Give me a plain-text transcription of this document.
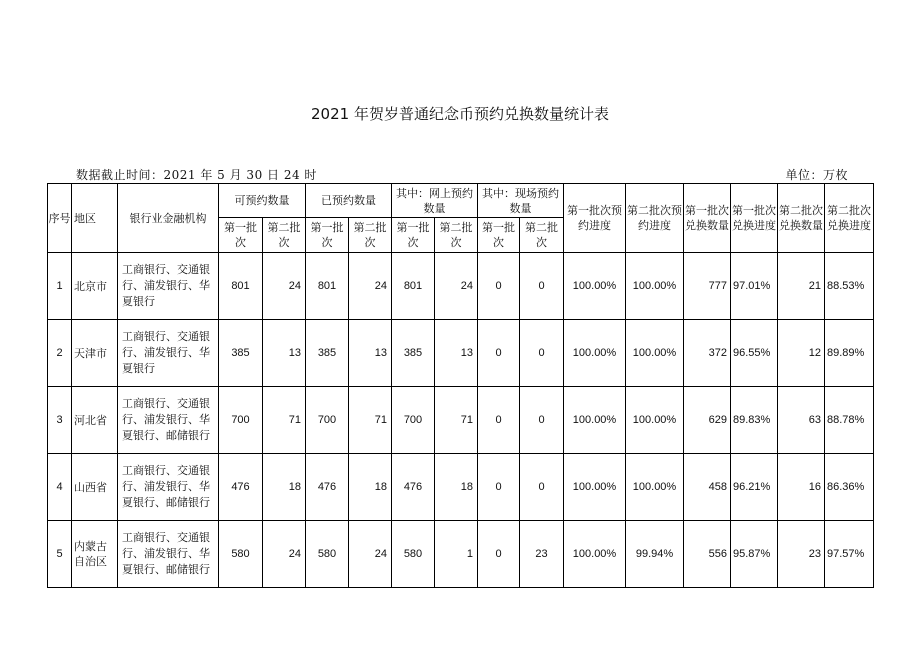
2021 年贺岁普通纪念币预约兑换数量统计表
数据截止时间：2021 年 5 月 30 日 24 时	单位：万枚
序号	地区	银行业金融机构	可预约数量		已预约数量		其中：网上预约数量		其中：现场预约数量		第一批次预约进度	第二批次预约进度	第一批次兑换数量	第一批次兑换进度	第二批次兑换数量	第二批次兑换进度
			第一批次	第二批次	第一批次	第二批次	第一批次	第二批次	第一批次	第二批次						
1	北京市	工商银行、交通银行、浦发银行、华夏银行	801	24	801	24	801	24	0	0	100.00%	100.00%	777	97.01%	21	88.53%
2	天津市	工商银行、交通银行、浦发银行、华夏银行	385	13	385	13	385	13	0	0	100.00%	100.00%	372	96.55%	12	89.89%
3	河北省	工商银行、交通银行、浦发银行、华夏银行、邮储银行	700	71	700	71	700	71	0	0	100.00%	100.00%	629	89.83%	63	88.78%
4	山西省	工商银行、交通银行、浦发银行、华夏银行、邮储银行	476	18	476	18	476	18	0	0	100.00%	100.00%	458	96.21%	16	86.36%
5	内蒙古自治区	工商银行、交通银行、浦发银行、华夏银行、邮储银行	580	24	580	24	580	1	0	23	100.00%	99.94%	556	95.87%	23	97.57%
